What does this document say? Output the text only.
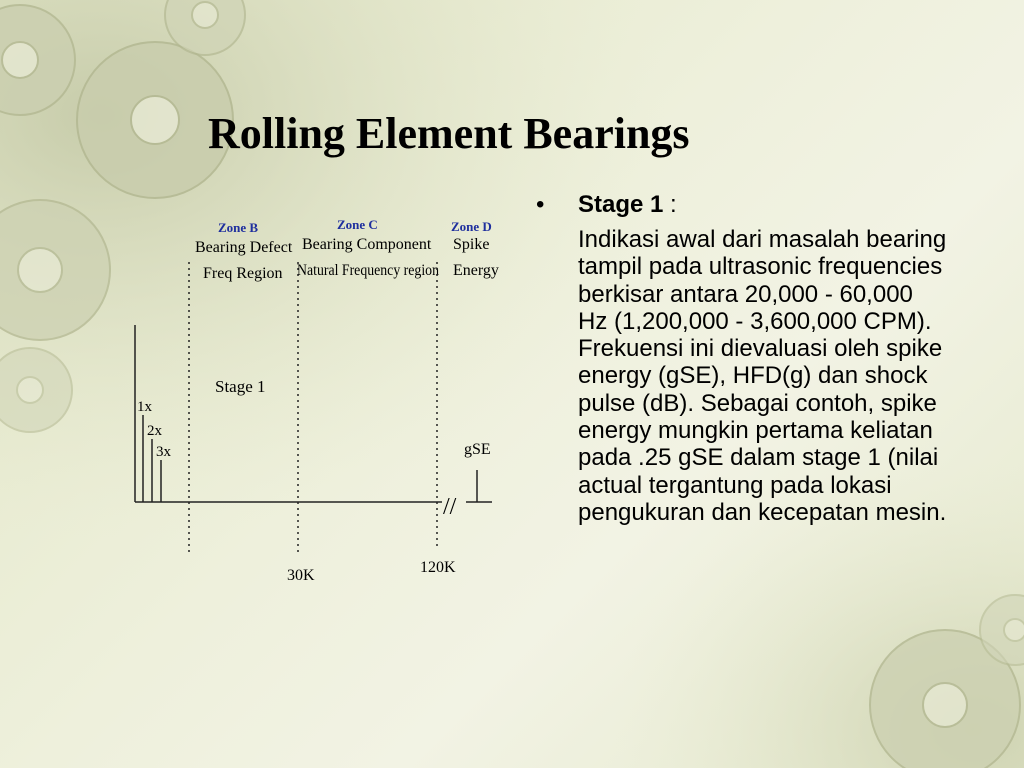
Rolling Element Bearings
Zone B
Bearing Defect
Freq Region
Zone C
Bearing Component
Natural Frequency region
Zone D
Spike
Energy
//
1x
2x
3x	gSE
Stage 1
30K	120K
• Stage 1 :
Indikasi awal dari masalah bearing tampil pada ultrasonic frequencies berkisar antara 20,000 - 60,000 Hz (1,200,000 - 3,600,000 CPM). Frekuensi ini dievaluasi oleh spike energy (gSE), HFD(g) dan shock pulse (dB). Sebagai contoh, spike energy mungkin pertama keliatan pada .25 gSE dalam stage 1 (nilai actual tergantung pada lokasi pengukuran dan kecepatan mesin.
